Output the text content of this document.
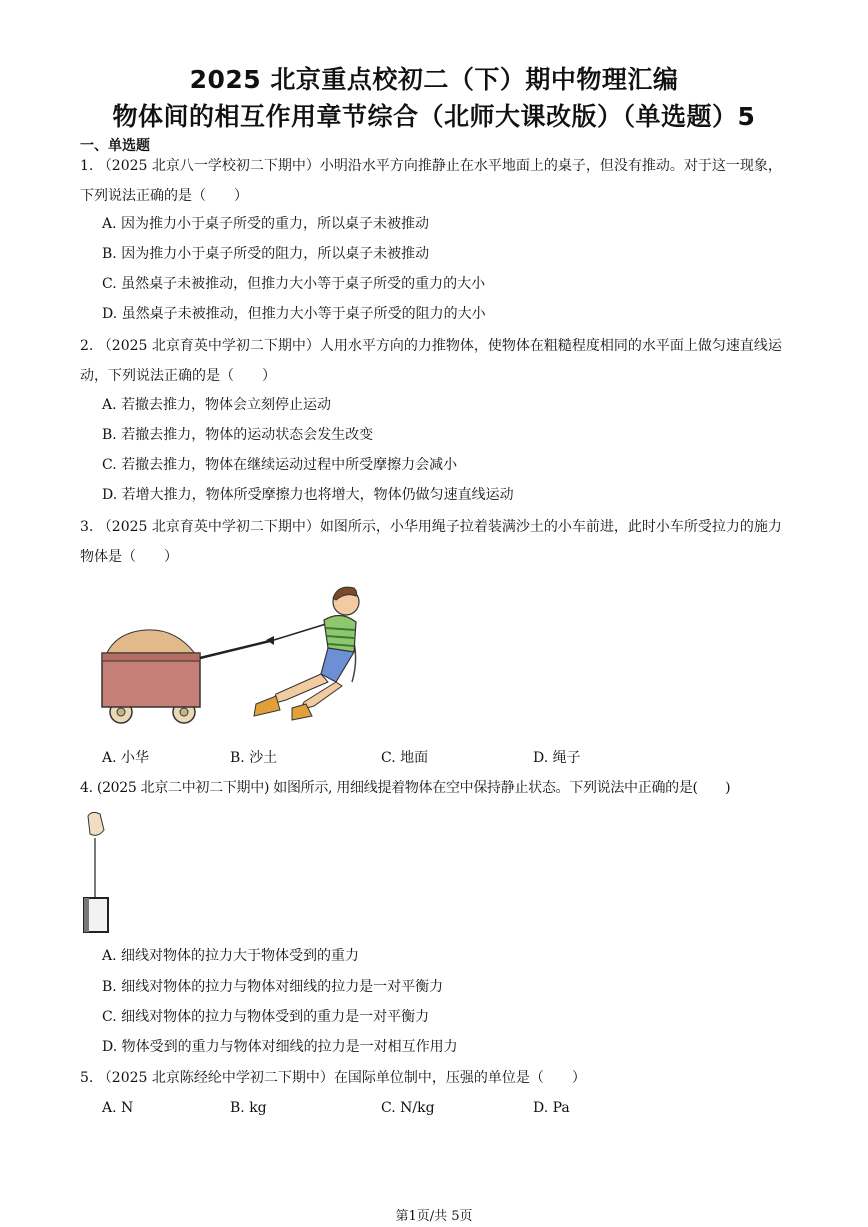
2025 北京重点校初二（下）期中物理汇编
物体间的相互作用章节综合（北师大课改版）（单选题）5
一、单选题
1. （2025 北京八一学校初二下期中）小明沿水平方向推静止在水平地面上的桌子，但没有推动。对于这一现象，下列说法正确的是（　　）
A. 因为推力小于桌子所受的重力，所以桌子未被推动
B. 因为推力小于桌子所受的阻力，所以桌子未被推动
C. 虽然桌子未被推动，但推力大小等于桌子所受的重力的大小
D. 虽然桌子未被推动，但推力大小等于桌子所受的阻力的大小
2. （2025 北京育英中学初二下期中）人用水平方向的力推物体，使物体在粗糙程度相同的水平面上做匀速直线运动，下列说法正确的是（　　）
A. 若撤去推力，物体会立刻停止运动
B. 若撤去推力，物体的运动状态会发生改变
C. 若撤去推力，物体在继续运动过程中所受摩擦力会减小
D. 若增大推力，物体所受摩擦力也将增大，物体仍做匀速直线运动
3. （2025 北京育英中学初二下期中）如图所示，小华用绳子拉着装满沙土的小车前进，此时小车所受拉力的施力物体是（　　）
A. 小华	B. 沙土	C. 地面	D. 绳子
4. (2025 北京二中初二下期中) 如图所示, 用细线提着物体在空中保持静止状态。下列说法中正确的是(　　)
A. 细线对物体的拉力大于物体受到的重力
B. 细线对物体的拉力与物体对细线的拉力是一对平衡力
C. 细线对物体的拉力与物体受到的重力是一对平衡力
D. 物体受到的重力与物体对细线的拉力是一对相互作用力
5. （2025 北京陈经纶中学初二下期中）在国际单位制中，压强的单位是（　　）
A. N	B. kg	C. N/kg	D. Pa
第1页/共 5页
